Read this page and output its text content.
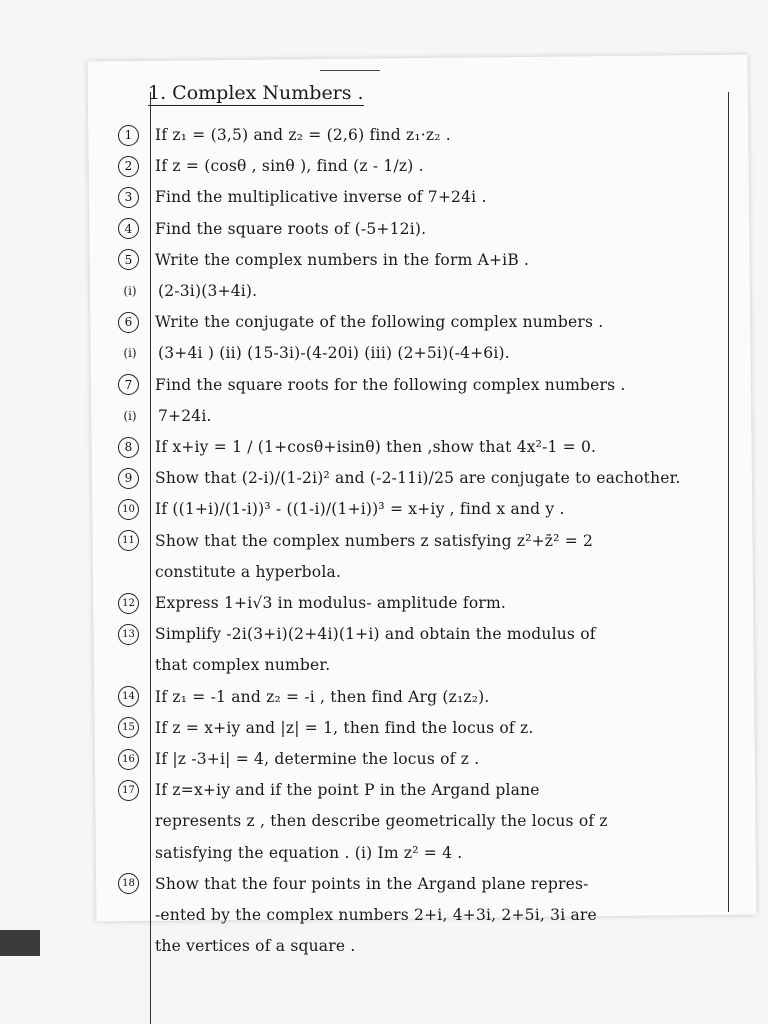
1. Complex Numbers .
1	If z₁ = (3,5) and z₂ = (2,6) find z₁·z₂ .
2	If z = (cosθ , sinθ ), find (z - 1/z) .
3	Find the multiplicative inverse of 7+24i .
4	Find the square roots of (-5+12i).
5	Write the complex numbers in the form A+iB .
(i)	(2-3i)(3+4i).
6	Write the conjugate of the following complex numbers .
(i)	(3+4i ) (ii) (15-3i)-(4-20i) (iii) (2+5i)(-4+6i).
7	Find the square roots for the following complex numbers .
(i)	7+24i.
8	If x+iy = 1 / (1+cosθ+isinθ) then ,show that 4x²-1 = 0.
9	Show that (2-i)/(1-2i)² and (-2-11i)/25 are conjugate to eachother.
10 If ((1+i)/(1-i))³ - ((1-i)/(1+i))³ = x+iy , find x and y .
11 Show that the complex numbers z satisfying z²+z̄² = 2
constitute a hyperbola.
12 Express 1+i√3 in modulus- amplitude form.
13 Simplify -2i(3+i)(2+4i)(1+i) and obtain the modulus of
that complex number.
14 If z₁ = -1 and z₂ = -i , then find Arg (z₁z₂).
15 If z = x+iy and |z| = 1, then find the locus of z.
16 If |z -3+i| = 4, determine the locus of z .
17 If z=x+iy and if the point P in the Argand plane
represents z , then describe geometrically the locus of z
satisfying the equation . (i) Im z² = 4 .
18 Show that the four points in the Argand plane repres-
-ented by the complex numbers 2+i, 4+3i, 2+5i, 3i are
the vertices of a square .
